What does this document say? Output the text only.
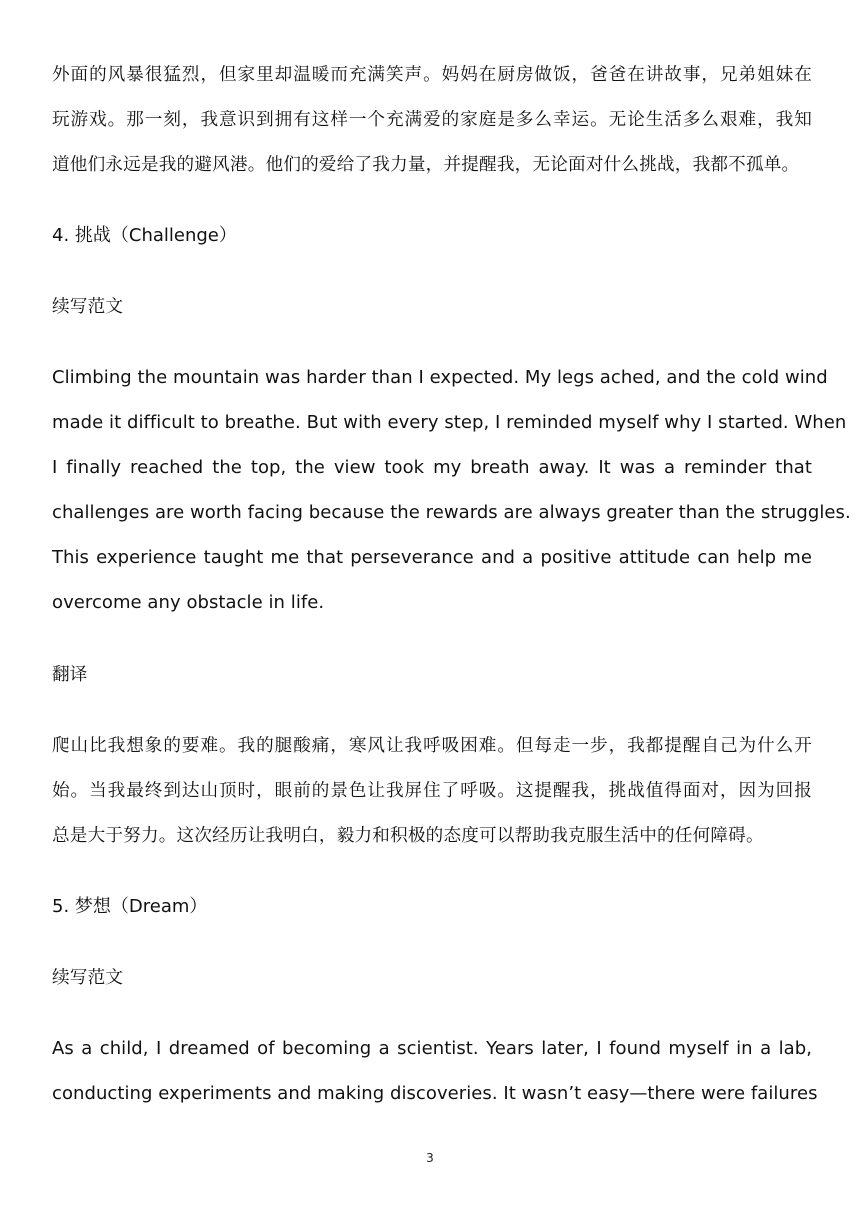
外面的风暴很猛烈，但家里却温暖而充满笑声。妈妈在厨房做饭，爸爸在讲故事，兄弟姐妹在
玩游戏。那一刻，我意识到拥有这样一个充满爱的家庭是多么幸运。无论生活多么艰难，我知
道他们永远是我的避风港。他们的爱给了我力量，并提醒我，无论面对什么挑战，我都不孤单。
4. 挑战（Challenge）
续写范文
Climbing the mountain was harder than I expected. My legs ached, and the cold wind
made it difficult to breathe. But with every step, I reminded myself why I started. When
I finally reached the top, the view took my breath away. It was a reminder that
challenges are worth facing because the rewards are always greater than the struggles.
This experience taught me that perseverance and a positive attitude can help me
overcome any obstacle in life.
翻译
爬山比我想象的要难。我的腿酸痛，寒风让我呼吸困难。但每走一步，我都提醒自己为什么开
始。当我最终到达山顶时，眼前的景色让我屏住了呼吸。这提醒我，挑战值得面对，因为回报
总是大于努力。这次经历让我明白，毅力和积极的态度可以帮助我克服生活中的任何障碍。
5. 梦想（Dream）
续写范文
As a child, I dreamed of becoming a scientist. Years later, I found myself in a lab,
conducting experiments and making discoveries. It wasn’t easy—there were failures
3
